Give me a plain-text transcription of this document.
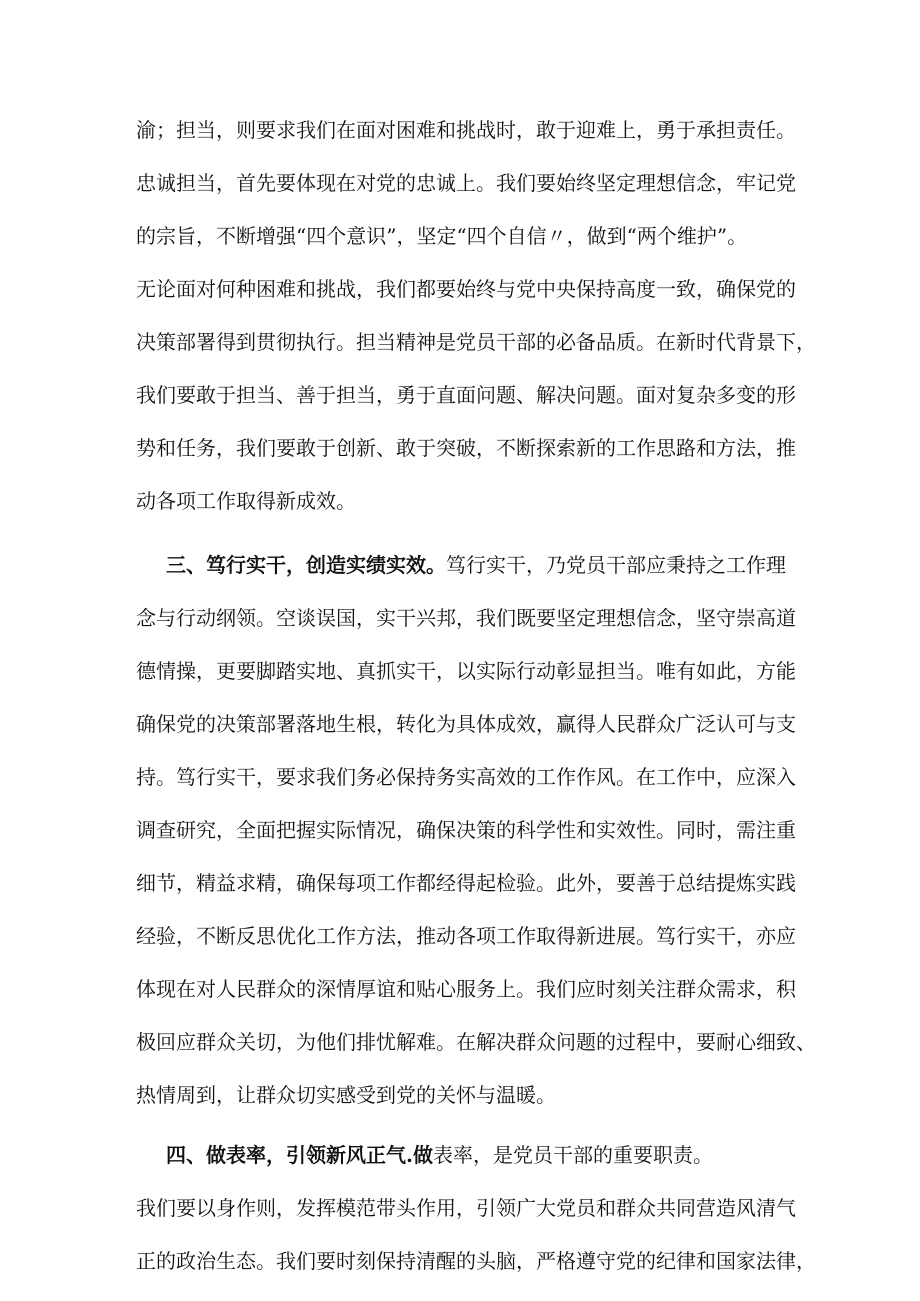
渝；担当，则要求我们在面对困难和挑战时，敢于迎难上，勇于承担责任。
忠诚担当，首先要体现在对党的忠诚上。我们要始终坚定理想信念，牢记党
的宗旨，不断增强“四个意识”，坚定“四个自信〃，做到“两个维护”。
无论面对何种困难和挑战，我们都要始终与党中央保持高度一致，确保党的
决策部署得到贯彻执行。担当精神是党员干部的必备品质。在新时代背景下，
我们要敢于担当、善于担当，勇于直面问题、解决问题。面对复杂多变的形
势和任务，我们要敢于创新、敢于突破，不断探索新的工作思路和方法，推
动各项工作取得新成效。
三、笃行实干，创造实绩实效。笃行实干，乃党员干部应秉持之工作理
念与行动纲领。空谈误国，实干兴邦，我们既要坚定理想信念，坚守崇高道
德情操，更要脚踏实地、真抓实干，以实际行动彰显担当。唯有如此，方能
确保党的决策部署落地生根，转化为具体成效，赢得人民群众广泛认可与支
持。笃行实干，要求我们务必保持务实高效的工作作风。在工作中，应深入
调查研究，全面把握实际情况，确保决策的科学性和实效性。同时，需注重
细节，精益求精，确保每项工作都经得起检验。此外，要善于总结提炼实践
经验，不断反思优化工作方法，推动各项工作取得新进展。笃行实干，亦应
体现在对人民群众的深情厚谊和贴心服务上。我们应时刻关注群众需求，积
极回应群众关切，为他们排忧解难。在解决群众问题的过程中，要耐心细致、
热情周到，让群众切实感受到党的关怀与温暖。
四、做表率，引领新风正气.做表率，是党员干部的重要职责。
我们要以身作则，发挥模范带头作用，引领广大党员和群众共同营造风清气
正的政治生态。我们要时刻保持清醒的头脑，严格遵守党的纪律和国家法律，
